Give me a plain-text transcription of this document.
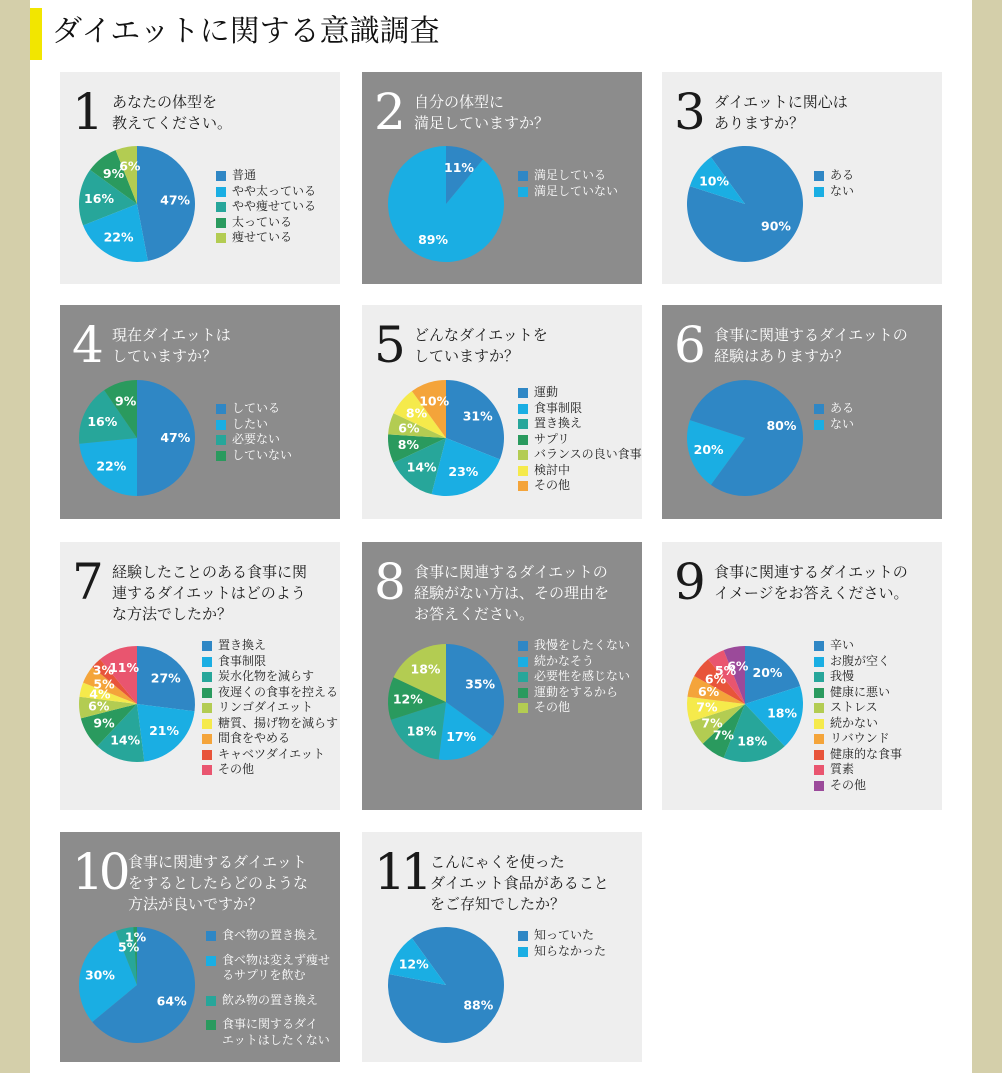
ダイエットに関する意識調査
1 あなたの体型を
教えてください。
普通
やや太っている
やや痩せている
太っている
痩せている
47%
22%
16%
9%
6%
2 自分の体型に
満足していますか？
満足している
満足していない
11%
89%
3 ダイエットに関心は
ありますか？
ある
ない
90%
10%
4 現在ダイエットは
していますか？
している
したい
必要ない
していない
47%
22%
16%
9%
5 どんなダイエットを
していますか？
運動
食事制限
置き換え
サプリ
バランスの良い食事
検討中
その他
31%
23%
14%
8%
6%
8%
10%
6 食事に関連するダイエットの
経験はありますか？
ある
ない
80%
20%
7 経験したことのある食事に関
連するダイエットはどのよう
な方法でしたか？
置き換え
食事制限
炭水化物を減らす
夜遅くの食事を控える
リンゴダイエット
糖質、揚げ物を減らす
間食をやめる
キャベツダイエット
その他
27%
21%
14%
9%
6%
4%
5%
3%
11%
8 食事に関連するダイエットの
経験がない方は、その理由を
お答えください。
我慢をしたくない
続かなそう
必要性を感じない
運動をするから
その他
35%
17%
18%
12%
18%
9 食事に関連するダイエットの
イメージをお答えください。
辛い
お腹が空く
我慢
健康に悪い
ストレス
続かない
リバウンド
健康的な食事
質素
その他
20%
18%
18%
7%
7%
7%
6%
6%
5%
6%
10 食事に関連するダイエット
をするとしたらどのような
方法が良いですか？
食べ物の置き換え
食べ物は変えず痩せ
るサプリを飲む
飲み物の置き換え
食事に関するダイ
エットはしたくない
64%
30%
5%
1%
11 こんにゃくを使った
ダイエット食品があること
をご存知でしたか？
知っていた
知らなかった
88%
12%
